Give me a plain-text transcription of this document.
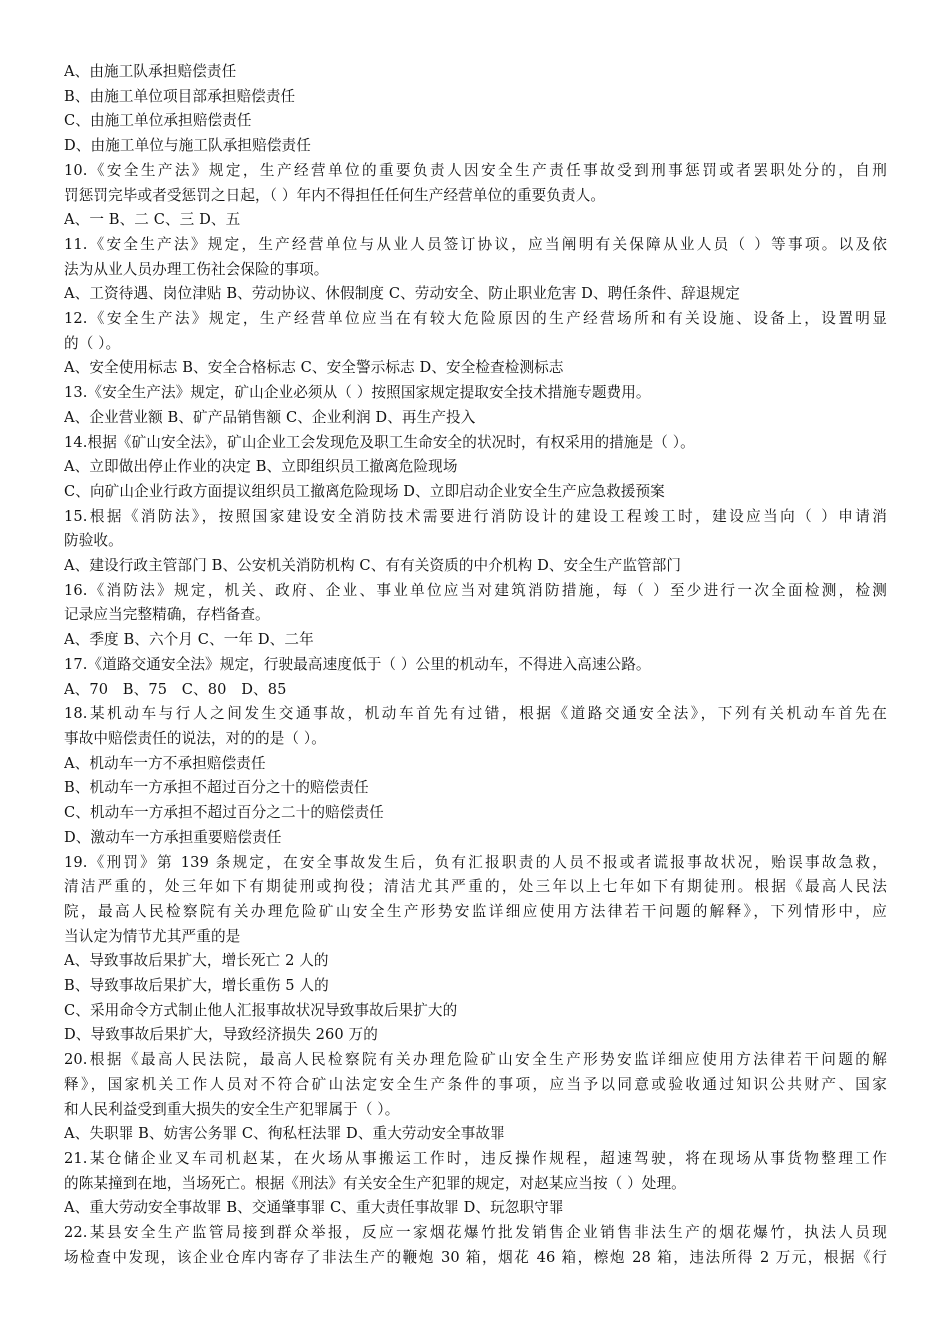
A、由施工队承担赔偿责任

B、由施工单位项目部承担赔偿责任

C、由施工单位承担赔偿责任

D、由施工单位与施工队承担赔偿责任

10.《安全生产法》规定，生产经营单位的重要负责人因安全生产责任事故受到刑事惩罚或者罢职处分的，自刑

罚惩罚完毕或者受惩罚之日起，（ ）年内不得担任任何生产经营单位的重要负责人。

A、一 B、二 C、三 D、五

11.《安全生产法》规定，生产经营单位与从业人员签订协议，应当阐明有关保障从业人员（ ）等事项。以及依

法为从业人员办理工伤社会保险的事项。

A、工资待遇、岗位津贴 B、劳动协议、休假制度 C、劳动安全、防止职业危害 D、聘任条件、辞退规定

12.《安全生产法》规定，生产经营单位应当在有较大危险原因的生产经营场所和有关设施、设备上，设置明显

的（ ）。

A、安全使用标志 B、安全合格标志 C、安全警示标志 D、安全检查检测标志

13.《安全生产法》规定，矿山企业必须从（ ）按照国家规定提取安全技术措施专题费用。

A、企业营业额 B、矿产品销售额 C、企业利润 D、再生产投入

14.根据《矿山安全法》，矿山企业工会发现危及职工生命安全的状况时，有权采用的措施是（ ）。

A、立即做出停止作业的决定 B、立即组织员工撤离危险现场

C、向矿山企业行政方面提议组织员工撤离危险现场 D、立即启动企业安全生产应急救援预案

15.根据《消防法》，按照国家建设安全消防技术需要进行消防设计的建设工程竣工时，建设应当向（ ）申请消

防验收。

A、建设行政主管部门 B、公安机关消防机构 C、有有关资质的中介机构 D、安全生产监管部门

16.《消防法》规定，机关、政府、企业、事业单位应当对建筑消防措施，每（ ）至少进行一次全面检测，检测

记录应当完整精确，存档备查。

A、季度 B、六个月 C、一年 D、二年

17.《道路交通安全法》规定，行驶最高速度低于（ ）公里的机动车，不得进入高速公路。

A、70　B、75　C、80　D、85

18.某机动车与行人之间发生交通事故，机动车首先有过错，根据《道路交通安全法》，下列有关机动车首先在

事故中赔偿责任的说法，对的的是（ ）。

A、机动车一方不承担赔偿责任

B、机动车一方承担不超过百分之十的赔偿责任

C、机动车一方承担不超过百分之二十的赔偿责任

D、激动车一方承担重要赔偿责任

19.《刑罚》第 139 条规定，在安全事故发生后，负有汇报职责的人员不报或者谎报事故状况，贻误事故急救，

清洁严重的，处三年如下有期徒刑或拘役；清洁尤其严重的，处三年以上七年如下有期徒刑。根据《最高人民法

院，最高人民检察院有关办理危险矿山安全生产形势安监详细应使用方法律若干问题的解释》，下列情形中，应

当认定为情节尤其严重的是

A、导致事故后果扩大，增长死亡 2 人的

B、导致事故后果扩大，增长重伤 5 人的

C、采用命令方式制止他人汇报事故状况导致事故后果扩大的

D、导致事故后果扩大，导致经济损失 260 万的

20.根据《最高人民法院，最高人民检察院有关办理危险矿山安全生产形势安监详细应使用方法律若干问题的解

释》，国家机关工作人员对不符合矿山法定安全生产条件的事项，应当予以同意或验收通过知识公共财产、国家

和人民利益受到重大损失的安全生产犯罪属于（ ）。

A、失职罪 B、妨害公务罪 C、徇私枉法罪 D、重大劳动安全事故罪

21.某仓储企业叉车司机赵某，在火场从事搬运工作时，违反操作规程，超速驾驶，将在现场从事货物整理工作

的陈某撞到在地，当场死亡。根据《刑法》有关安全生产犯罪的规定，对赵某应当按（ ）处理。

A、重大劳动安全事故罪 B、交通肇事罪 C、重大责任事故罪 D、玩忽职守罪

22.某县安全生产监管局接到群众举报，反应一家烟花爆竹批发销售企业销售非法生产的烟花爆竹，执法人员现

场检查中发现，该企业仓库内寄存了非法生产的鞭炮 30 箱，烟花 46 箱，檫炮 28 箱，违法所得 2 万元，根据《行
